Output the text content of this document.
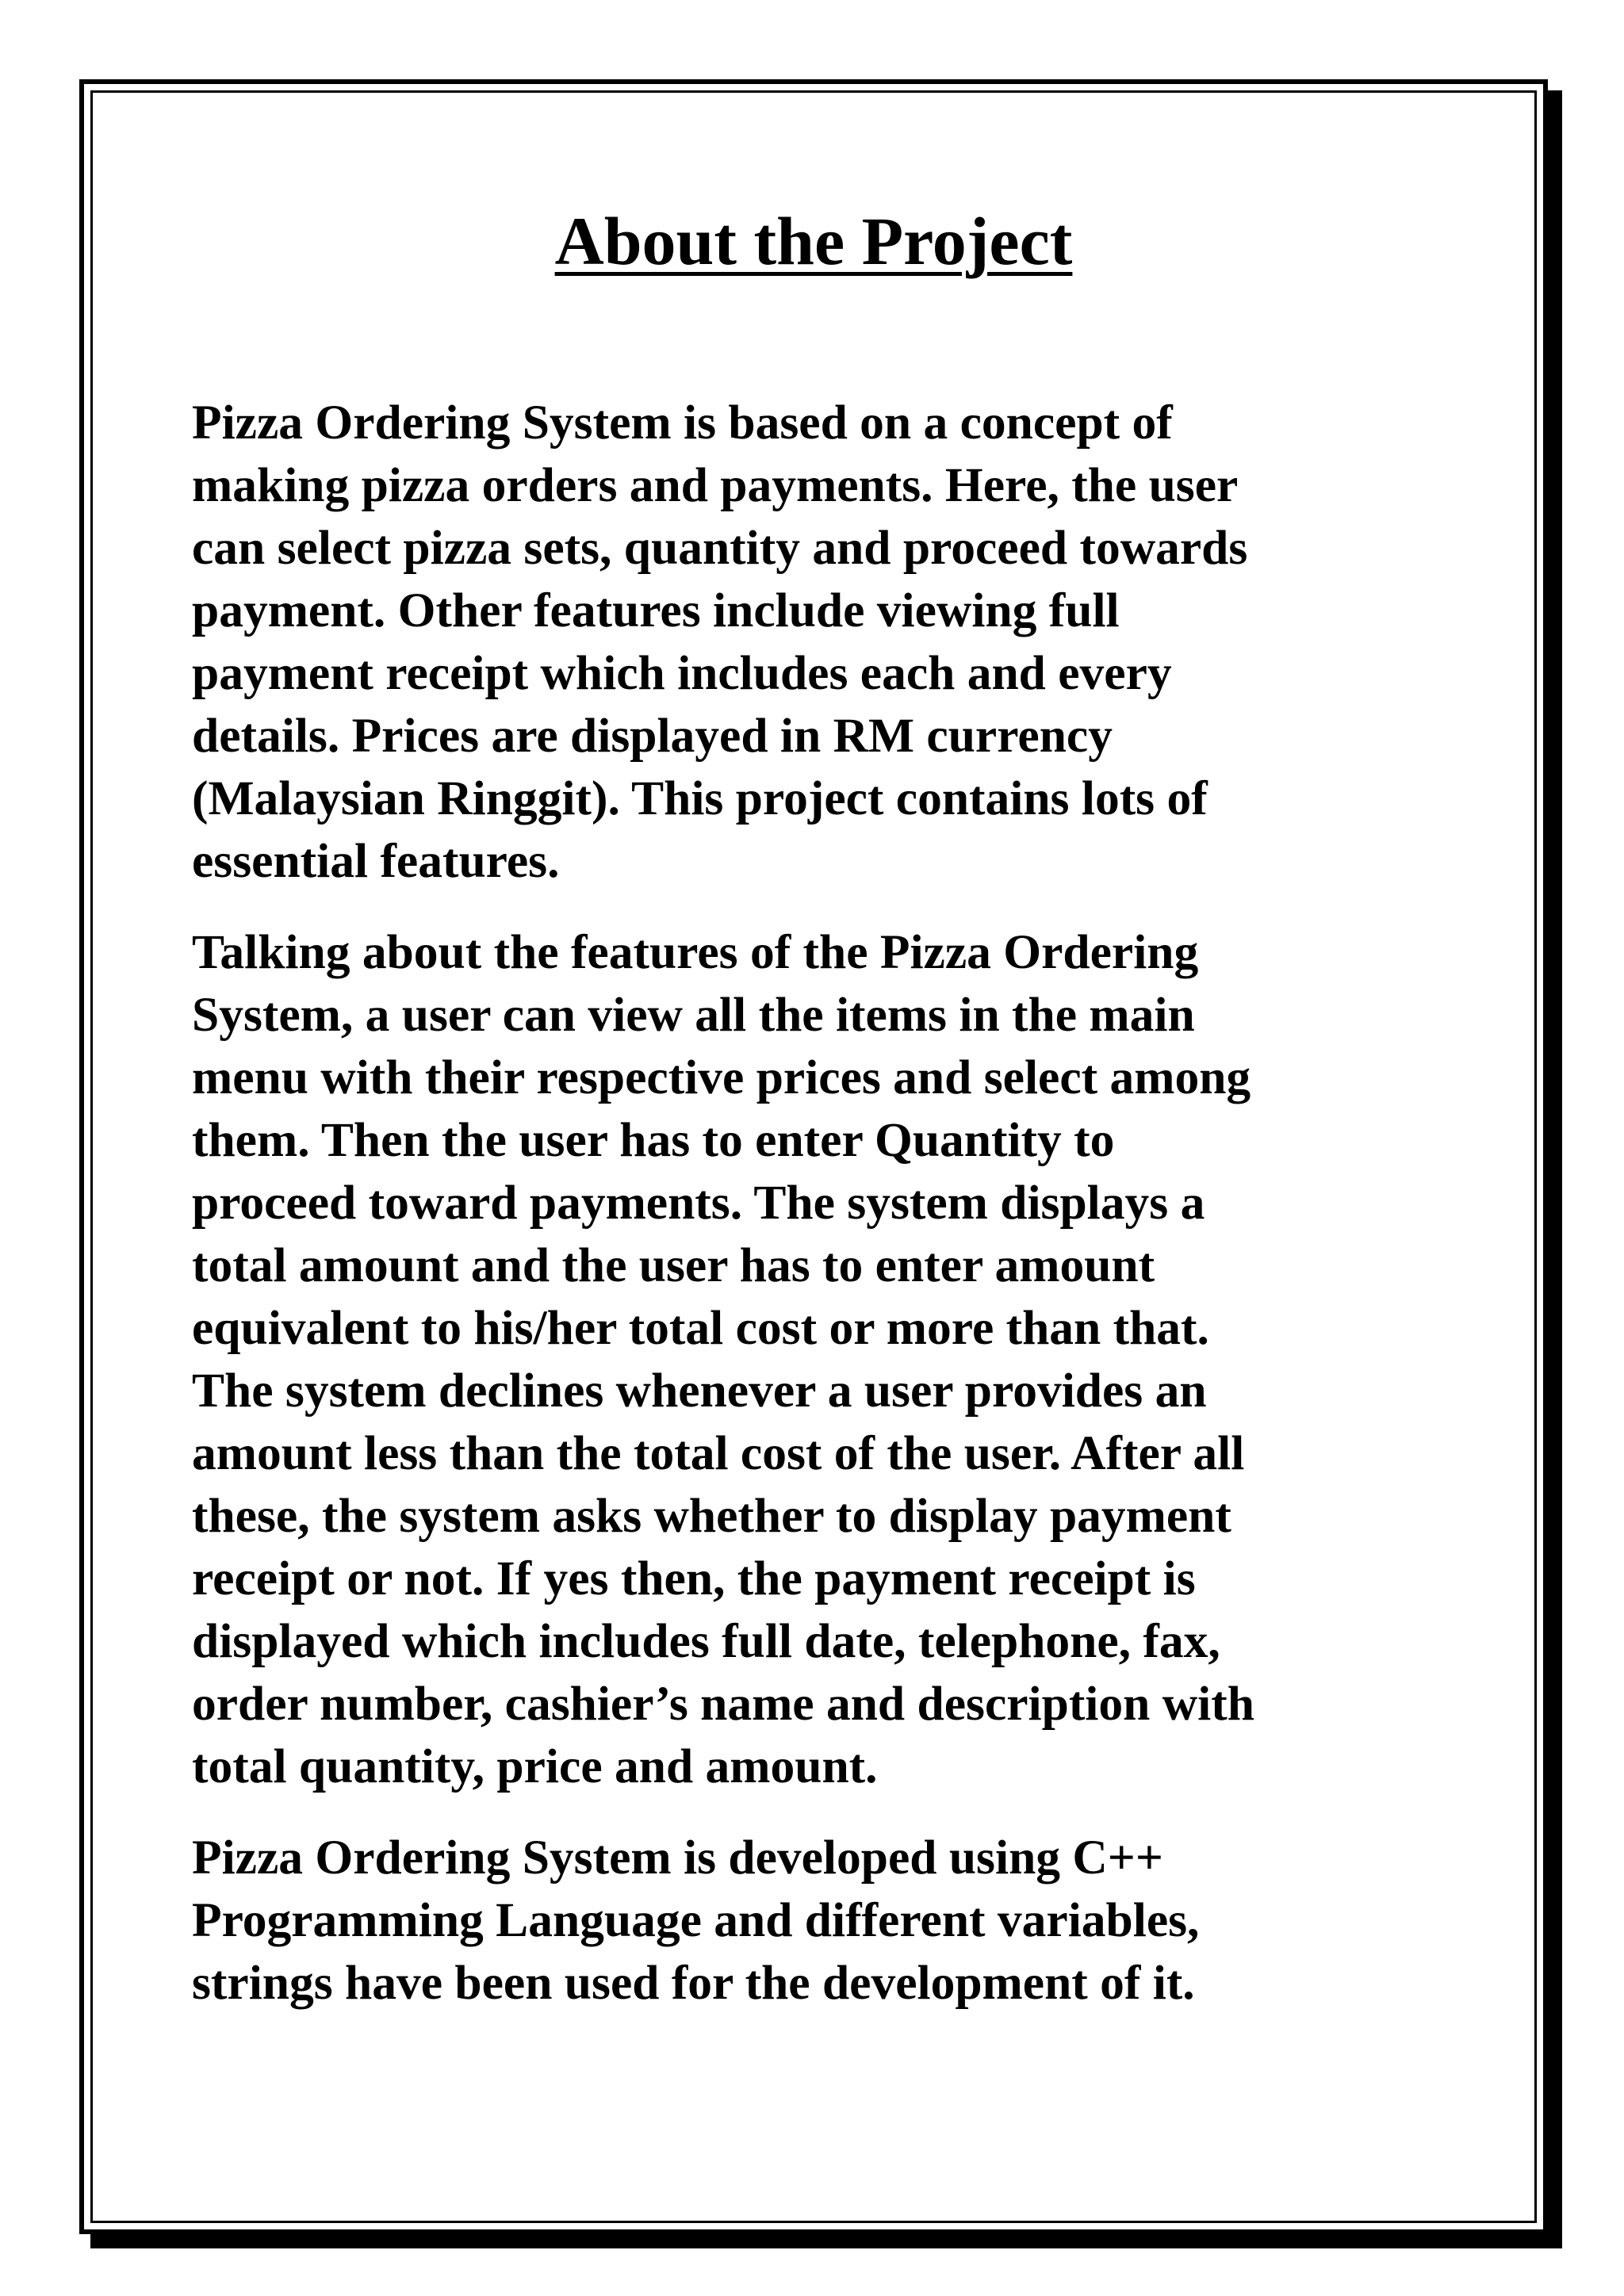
About the Project

Pizza Ordering System is based on a concept of
making pizza orders and payments. Here, the user
can select pizza sets, quantity and proceed towards
payment. Other features include viewing full
payment receipt which includes each and every
details. Prices are displayed in RM currency
(Malaysian Ringgit). This project contains lots of
essential features.

Talking about the features of the Pizza Ordering
System, a user can view all the items in the main
menu with their respective prices and select among
them. Then the user has to enter Quantity to
proceed toward payments. The system displays a
total amount and the user has to enter amount
equivalent to his/her total cost or more than that.
The system declines whenever a user provides an
amount less than the total cost of the user. After all
these, the system asks whether to display payment
receipt or not. If yes then, the payment receipt is
displayed which includes full date, telephone, fax,
order number, cashier’s name and description with
total quantity, price and amount.

Pizza Ordering System is developed using C++
Programming Language and different variables,
strings have been used for the development of it.
